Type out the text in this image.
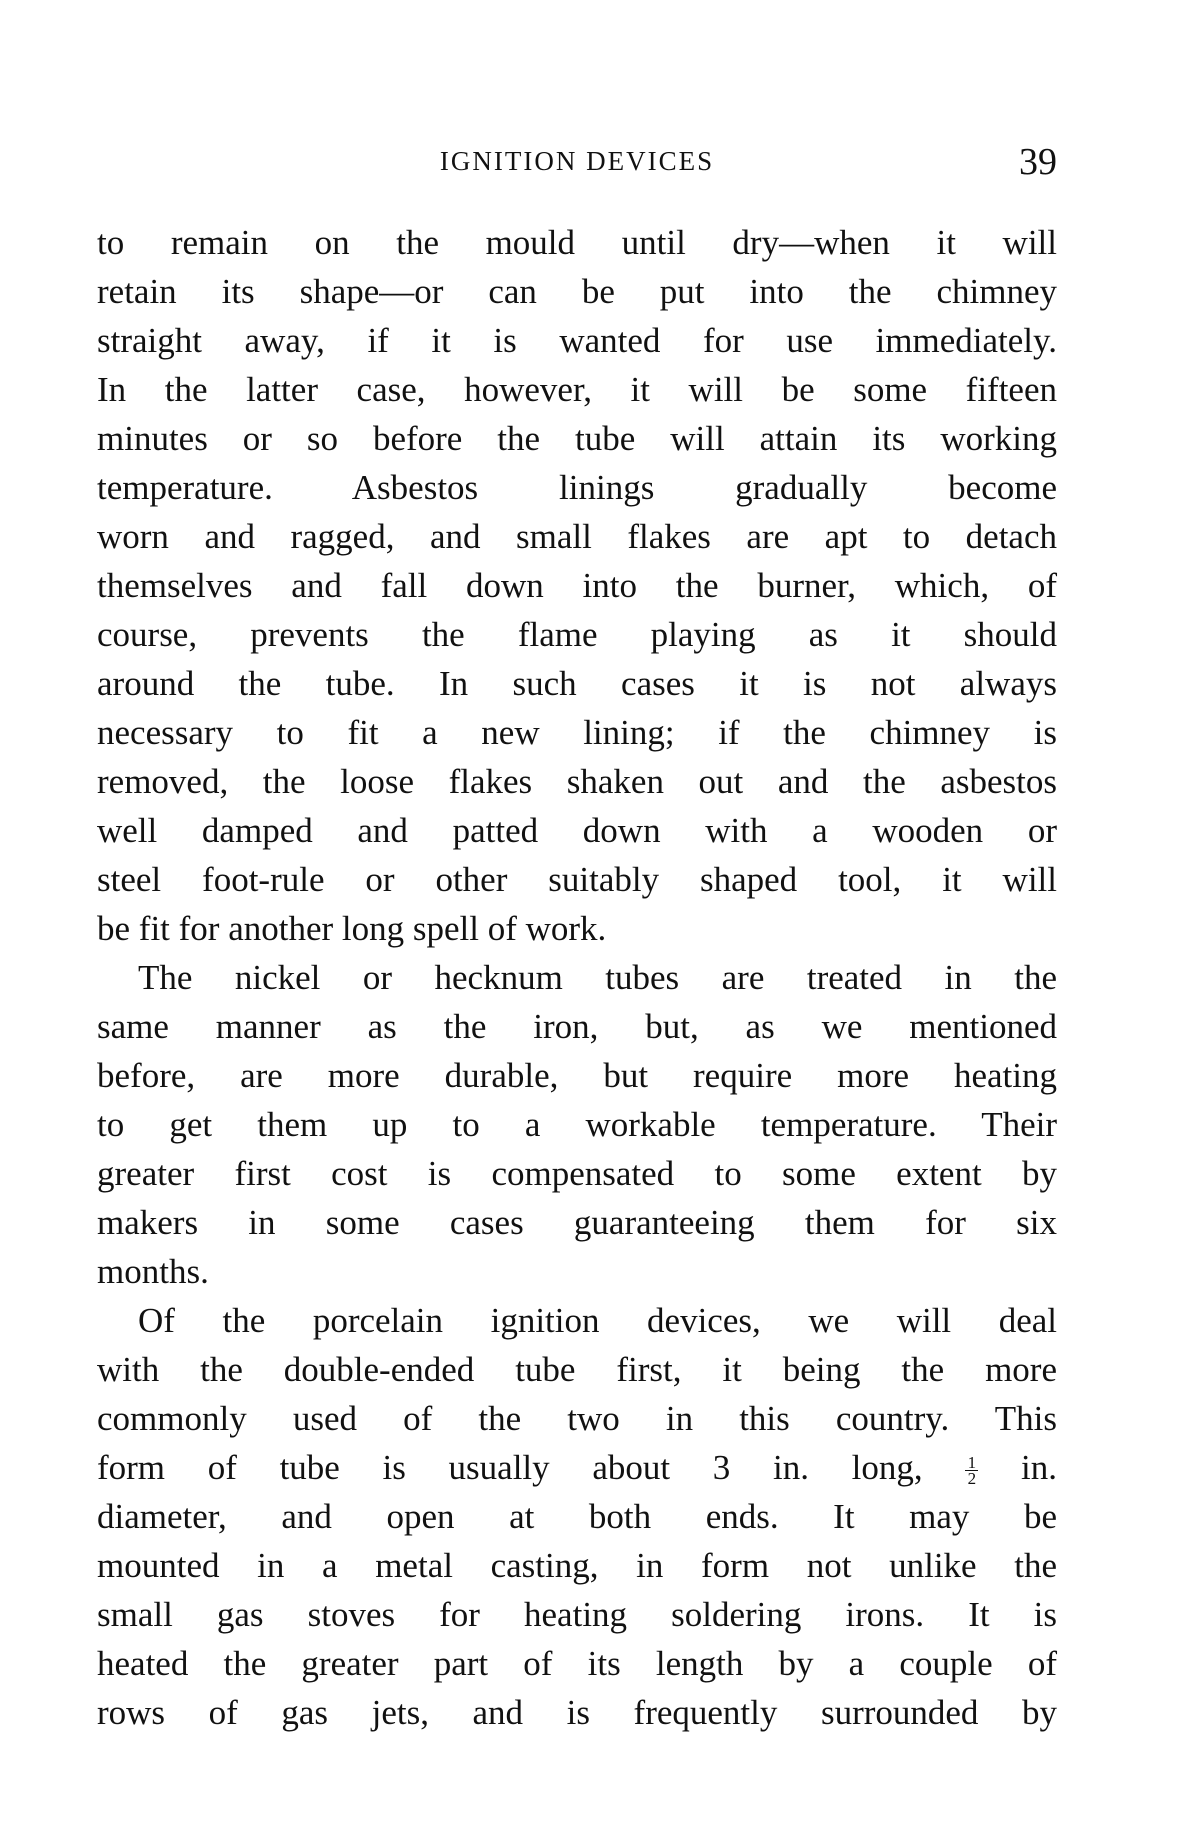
IGNITION DEVICES	39
to remain on the mould until dry—when it will
retain its shape—or can be put into the chimney
straight away, if it is wanted for use immediately.
In the latter case, however, it will be some fifteen
minutes or so before the tube will attain its working
temperature. Asbestos linings gradually become
worn and ragged, and small flakes are apt to detach
themselves and fall down into the burner, which, of
course, prevents the flame playing as it should
around the tube. In such cases it is not always
necessary to fit a new lining; if the chimney is
removed, the loose flakes shaken out and the asbestos
well damped and patted down with a wooden or
steel foot-rule or other suitably shaped tool, it will
be fit for another long spell of work.
The nickel or hecknum tubes are treated in the
same manner as the iron, but, as we mentioned
before, are more durable, but require more heating
to get them up to a workable temperature. Their
greater first cost is compensated to some extent by
makers in some cases guaranteeing them for six
months.
Of the porcelain ignition devices, we will deal
with the double-ended tube first, it being the more
commonly used of the two in this country. This
form of tube is usually about 3 in. long,	$\frac{1}{2}$ in.
diameter, and open at both ends. It may be
mounted in a metal casting, in form not unlike the
small gas stoves for heating soldering irons. It is
heated the greater part of its length by a couple of
rows of gas jets, and is frequently surrounded by
